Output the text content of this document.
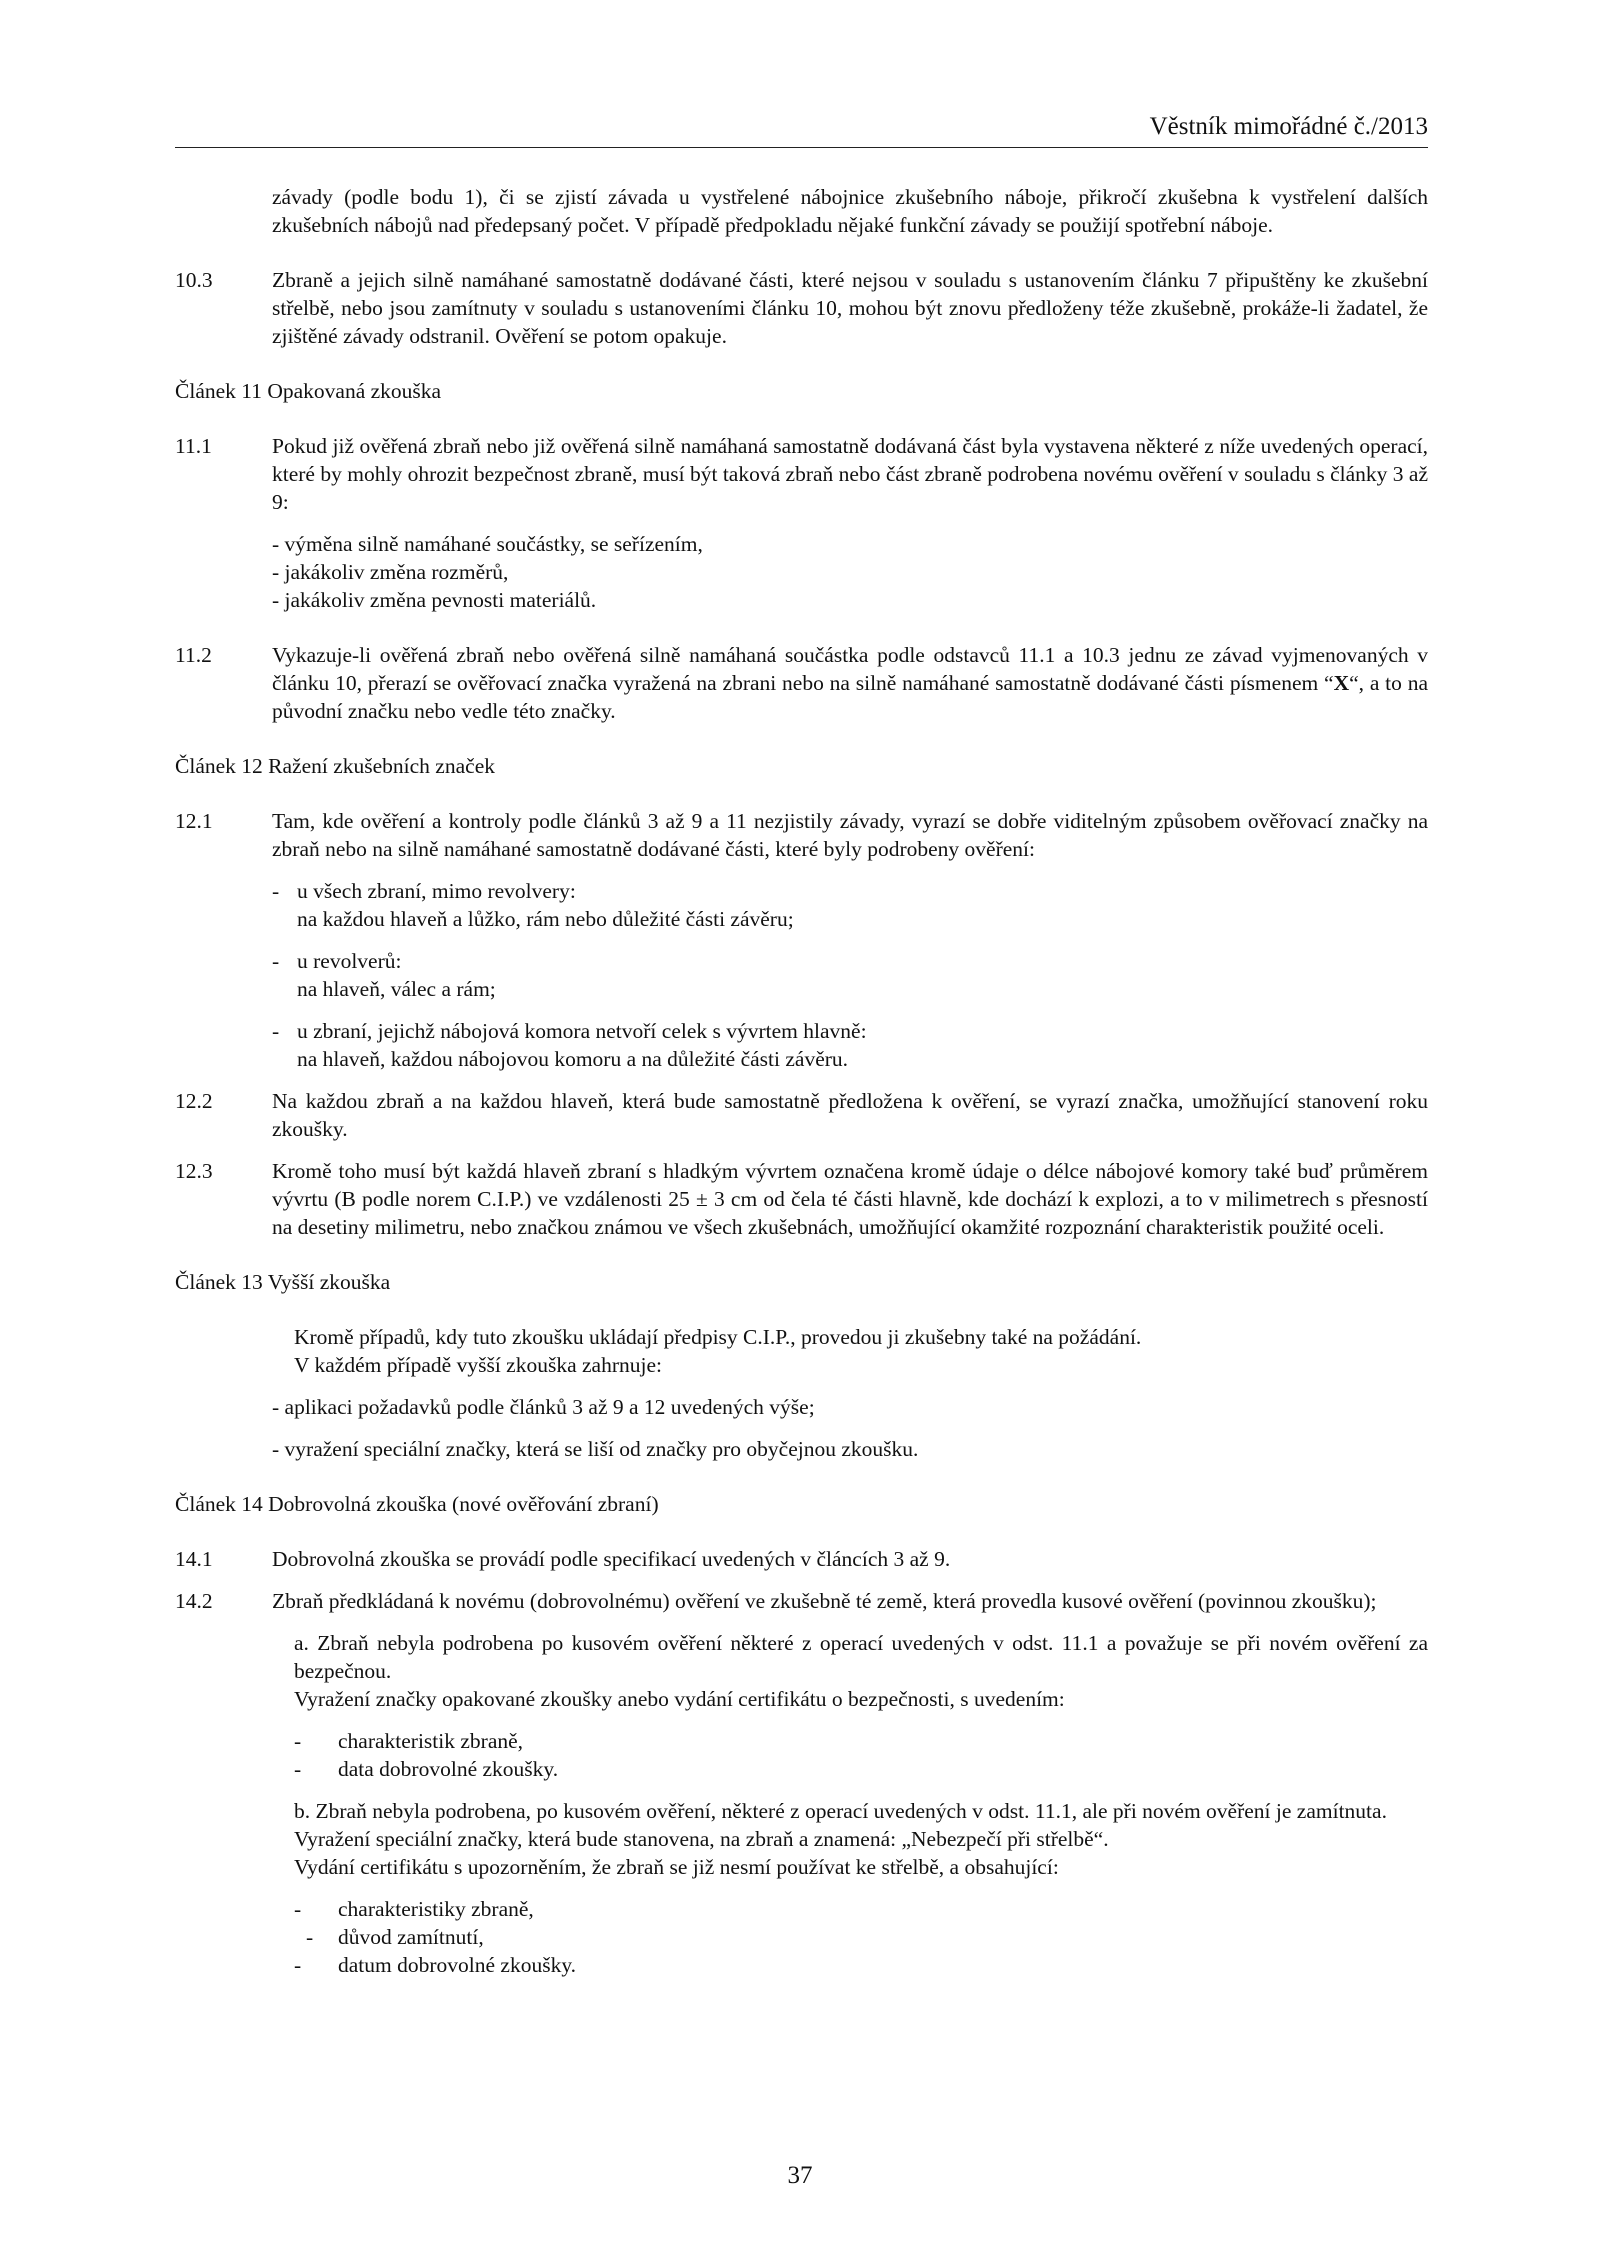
Věstník mimořádné č./2013

závady (podle bodu 1), či se zjistí závada u vystřelené nábojnice zkušebního náboje, přikročí zkušebna k vystřelení dalších zkušebních nábojů nad předepsaný počet. V případě předpokladu nějaké funkční závady se použijí spotřební náboje.

10.3	Zbraně a jejich silně namáhané samostatně dodávané části, které nejsou v souladu s ustanovením článku 7 připuštěny ke zkušební střelbě, nebo jsou zamítnuty v souladu s ustanoveními článku 10, mohou být znovu předloženy téže zkušebně, prokáže-li žadatel, že zjištěné závady odstranil. Ověření se potom opakuje.

Článek 11 Opakovaná zkouška

11.1	Pokud již ověřená zbraň nebo již ověřená silně namáhaná samostatně dodávaná část byla vystavena některé z níže uvedených operací, které by mohly ohrozit bezpečnost zbraně, musí být taková zbraň nebo část zbraně podrobena novému ověření v souladu s články 3 až 9:

- výměna silně namáhané součástky, se seřízením,

- jakákoliv změna rozměrů,

- jakákoliv změna pevnosti materiálů.

11.2	Vykazuje-li ověřená zbraň nebo ověřená silně namáhaná součástka podle odstavců 11.1 a 10.3 jednu ze závad vyjmenovaných v článku 10, přerazí se ověřovací značka vyražená na zbrani nebo na silně namáhané samostatně dodávané části písmenem “X“, a to na původní značku nebo vedle této značky.

Článek 12 Ražení zkušebních značek

12.1	Tam, kde ověření a kontroly podle článků 3 až 9 a 11 nezjistily závady, vyrazí se dobře viditelným způsobem ověřovací značky na zbraň nebo na silně namáhané samostatně dodávané části, které byly podrobeny ověření:

- u všech zbraní, mimo revolvery:
na každou hlaveň a lůžko, rám nebo důležité části závěru;
- u revolverů:
na hlaveň, válec a rám;
- u zbraní, jejichž nábojová komora netvoří celek s vývrtem hlavně:
na hlaveň, každou nábojovou komoru a na důležité části závěru.
12.2	Na každou zbraň a na každou hlaveň, která bude samostatně předložena k ověření, se vyrazí značka, umožňující stanovení roku zkoušky.
12.3	Kromě toho musí být každá hlaveň zbraní s hladkým vývrtem označena kromě údaje o délce nábojové komory také buď průměrem vývrtu (B podle norem C.I.P.) ve vzdálenosti 25 ± 3 cm od čela té části hlavně, kde dochází k explozi, a to v milimetrech s přesností na desetiny milimetru, nebo značkou známou ve všech zkušebnách, umožňující okamžité rozpoznání charakteristik použité oceli.

Článek 13 Vyšší zkouška

Kromě případů, kdy tuto zkoušku ukládají předpisy C.I.P., provedou ji zkušebny také na požádání.

V každém případě vyšší zkouška zahrnuje:

- aplikaci požadavků podle článků 3 až 9 a 12 uvedených výše;

- vyražení speciální značky, která se liší od značky pro obyčejnou zkoušku.

Článek 14 Dobrovolná zkouška (nové ověřování zbraní)

14.1	Dobrovolná zkouška se provádí podle specifikací uvedených v článcích 3 až 9.
14.2	Zbraň předkládaná k novému (dobrovolnému) ověření ve zkušebně té země, která provedla kusové ověření (povinnou zkoušku);

a. Zbraň nebyla podrobena po kusovém ověření některé z operací uvedených v odst. 11.1 a považuje se při novém ověření za bezpečnou.

Vyražení značky opakované zkoušky anebo vydání certifikátu o bezpečnosti, s uvedením:

-	charakteristik zbraně,
-	data dobrovolné zkoušky.

b. Zbraň nebyla podrobena, po kusovém ověření, některé z operací uvedených v odst. 11.1, ale při novém ověření je zamítnuta.

Vyražení speciální značky, která bude stanovena, na zbraň a znamená: „Nebezpečí při střelbě“.

Vydání certifikátu s upozorněním, že zbraň se již nesmí používat ke střelbě, a obsahující:

-	charakteristiky zbraně,
-	důvod zamítnutí,
-	datum dobrovolné zkoušky.
37
